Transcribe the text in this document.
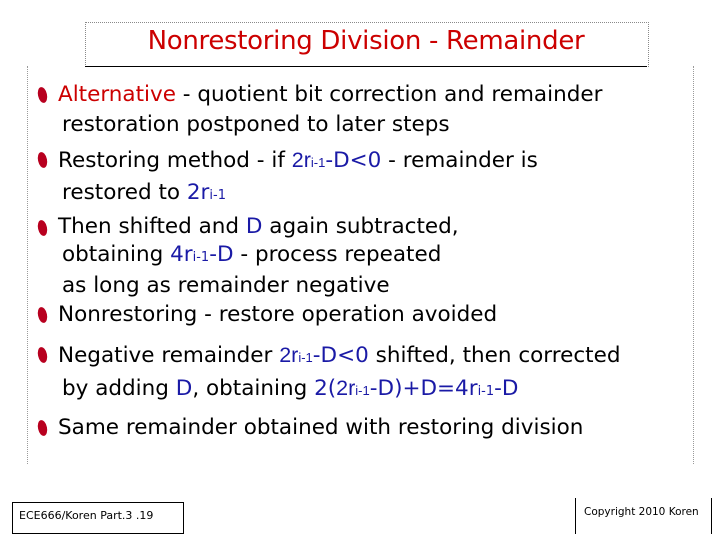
Nonrestoring Division - Remainder
Alternative - quotient bit correction and remainder
restoration postponed to later steps
Restoring method - if 2ri-1-D<0 - remainder is
restored to 2ri-1
Then shifted and D again subtracted,
obtaining 4ri-1-D - process repeated
as long as remainder negative
Nonrestoring - restore operation avoided
Negative remainder 2ri-1-D<0 shifted, then corrected
by adding D, obtaining 2(2ri-1-D)+D=4ri-1-D
Same remainder obtained with restoring division
ECE666/Koren Part.3 .19	Copyright 2010 Koren
